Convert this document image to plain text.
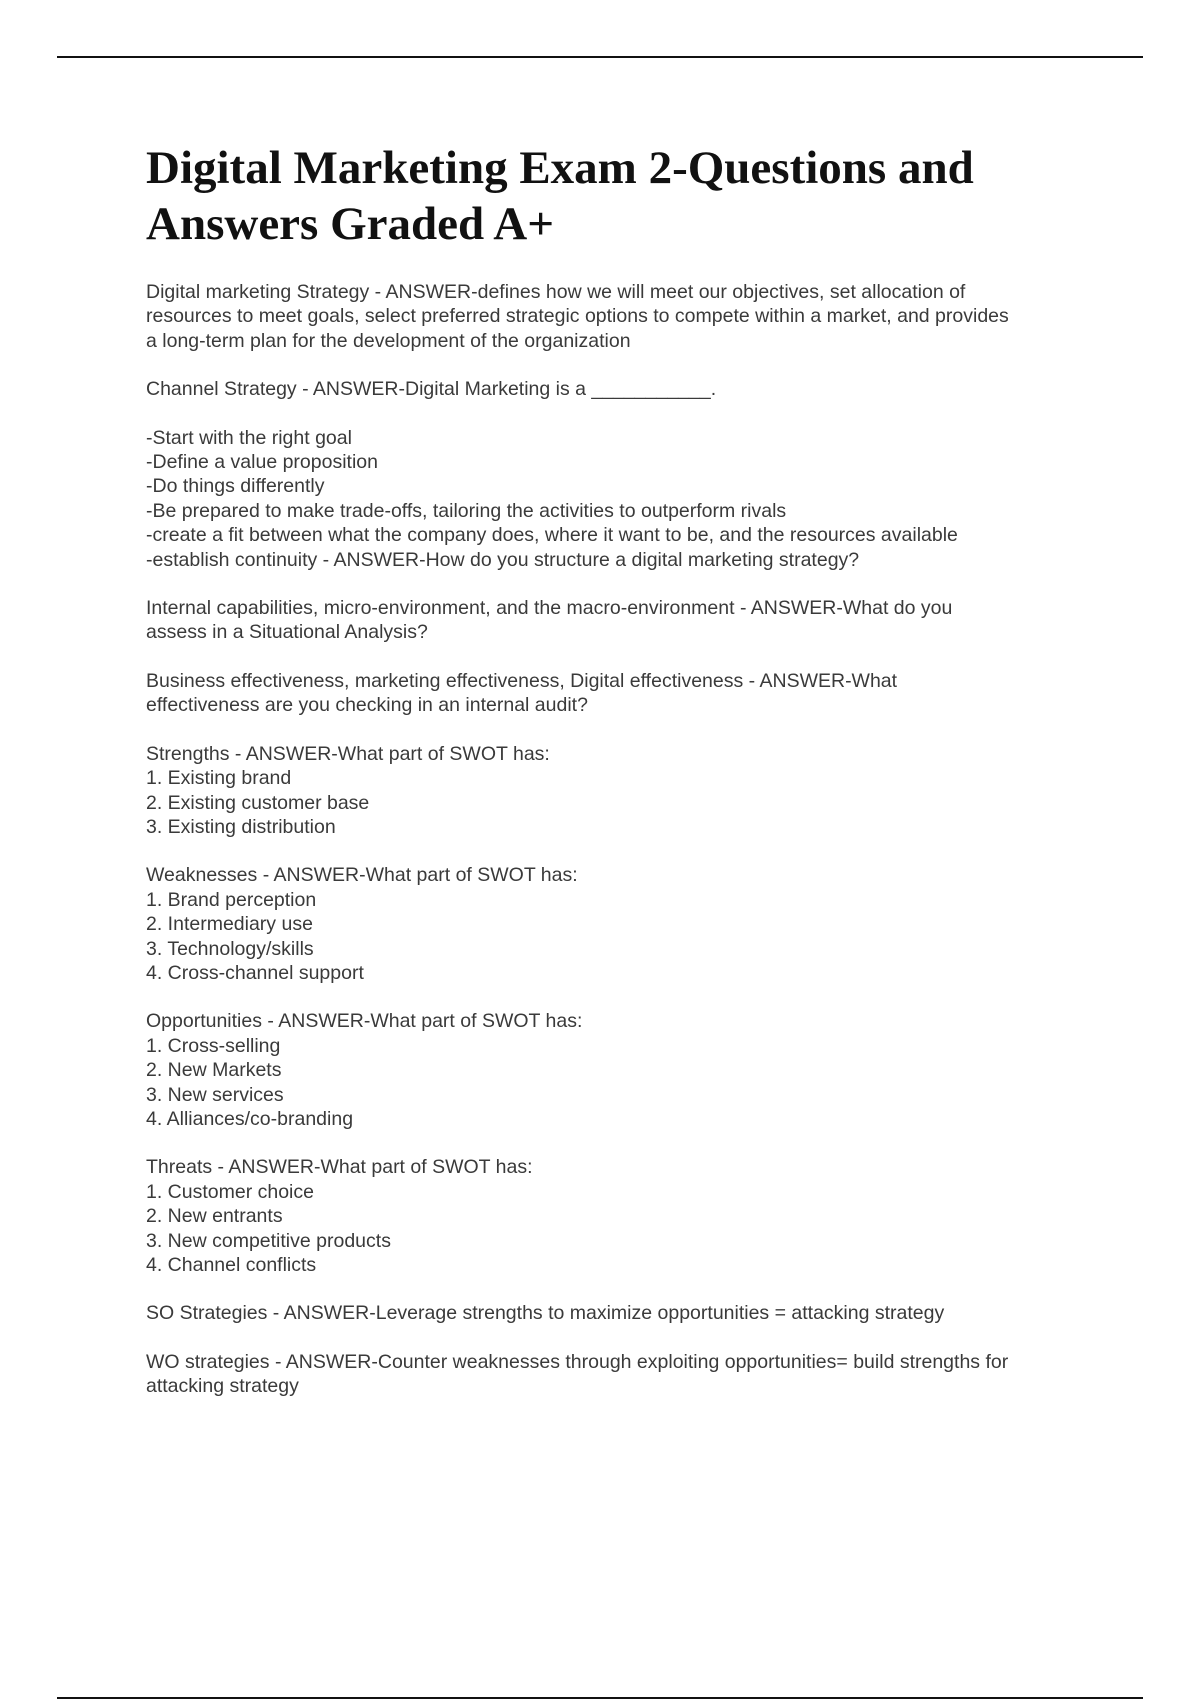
Digital Marketing Exam 2-Questions and
Answers Graded A+

Digital marketing Strategy - ANSWER-defines how we will meet our objectives, set allocation of
resources to meet goals, select preferred strategic options to compete within a market, and provides
a long-term plan for the development of the organization

Channel Strategy - ANSWER-Digital Marketing is a ___________.

-Start with the right goal
-Define a value proposition
-Do things differently
-Be prepared to make trade-offs, tailoring the activities to outperform rivals
-create a fit between what the company does, where it want to be, and the resources available
-establish continuity - ANSWER-How do you structure a digital marketing strategy?

Internal capabilities, micro-environment, and the macro-environment - ANSWER-What do you
assess in a Situational Analysis?

Business effectiveness, marketing effectiveness, Digital effectiveness - ANSWER-What
effectiveness are you checking in an internal audit?

Strengths - ANSWER-What part of SWOT has:
1. Existing brand
2. Existing customer base
3. Existing distribution

Weaknesses - ANSWER-What part of SWOT has:
1. Brand perception
2. Intermediary use
3. Technology/skills
4. Cross-channel support

Opportunities - ANSWER-What part of SWOT has:
1. Cross-selling
2. New Markets
3. New services
4. Alliances/co-branding

Threats - ANSWER-What part of SWOT has:
1. Customer choice
2. New entrants
3. New competitive products
4. Channel conflicts

SO Strategies - ANSWER-Leverage strengths to maximize opportunities = attacking strategy

WO strategies - ANSWER-Counter weaknesses through exploiting opportunities= build strengths for
attacking strategy
